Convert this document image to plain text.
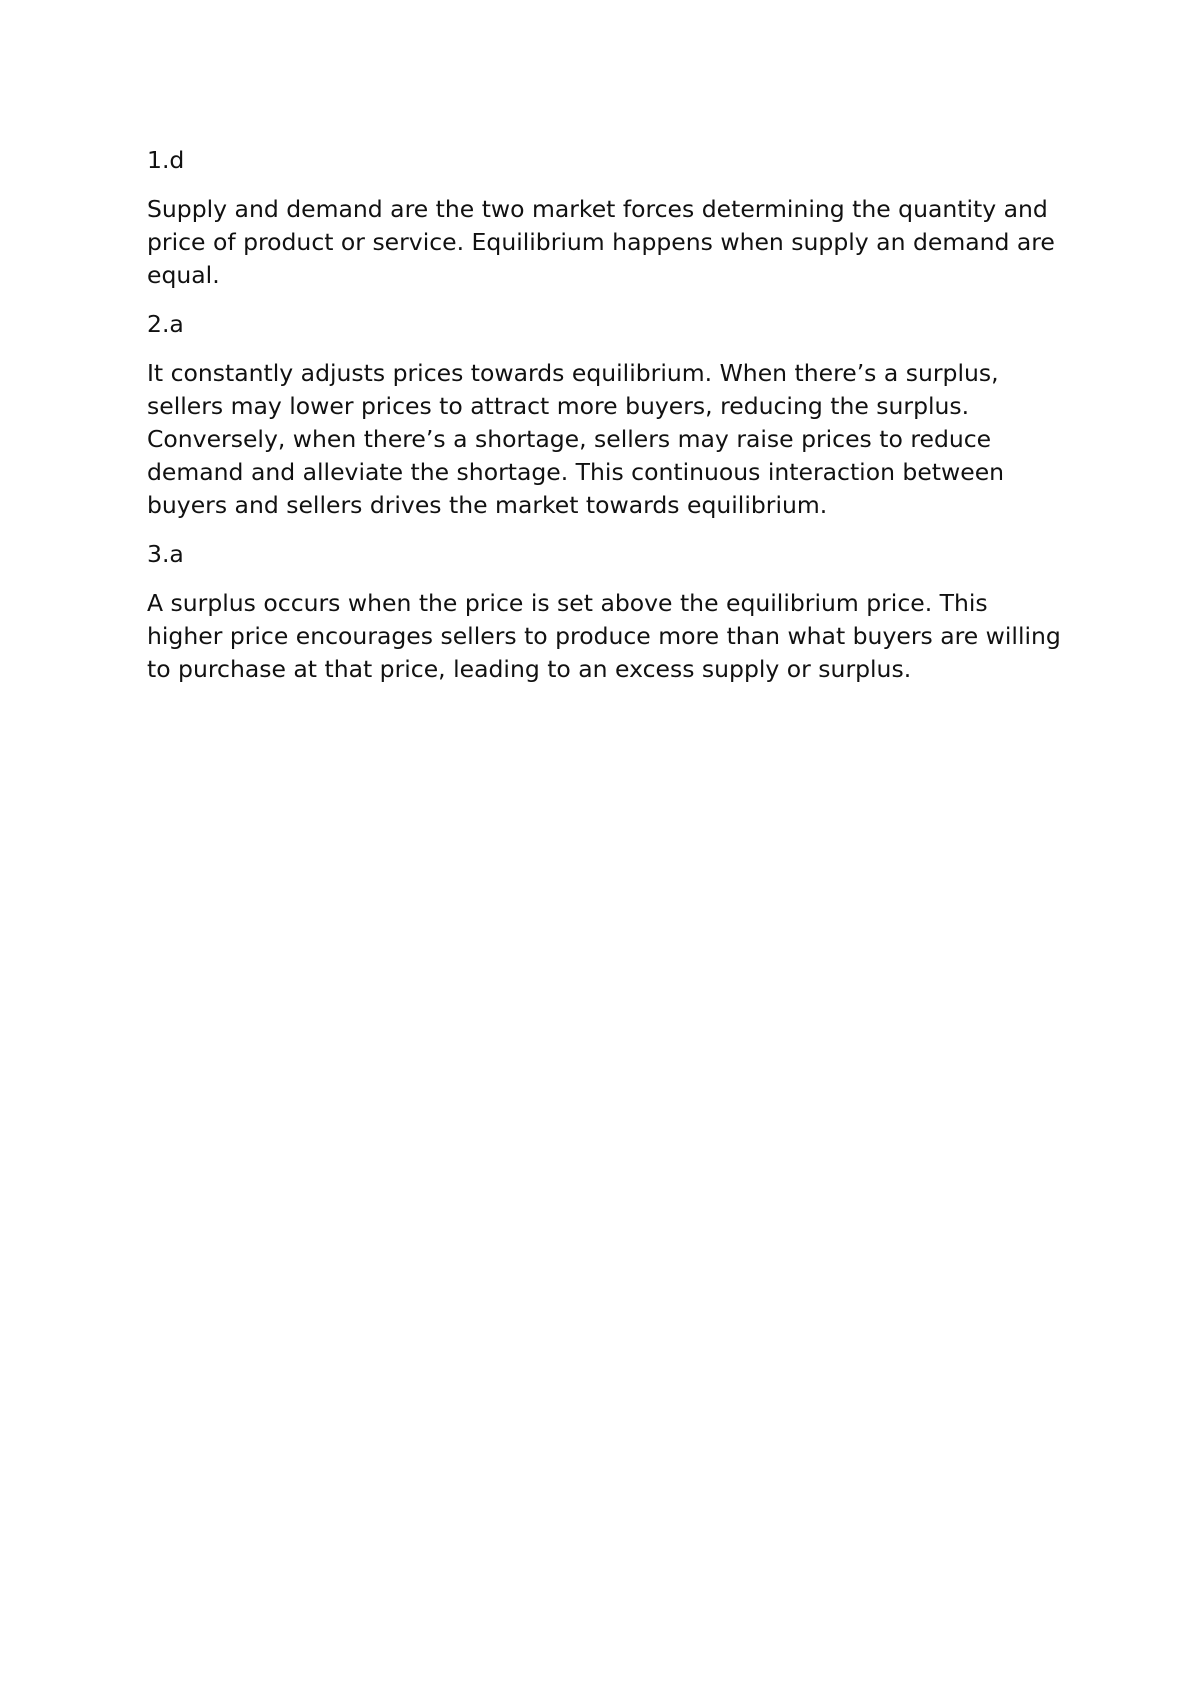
1.d

Supply and demand are the two market forces determining the quantity and price of product or service. Equilibrium happens when supply an demand are equal.

2.a

It constantly adjusts prices towards equilibrium. When there’s a surplus, sellers may lower prices to attract more buyers, reducing the surplus. Conversely, when there’s a shortage, sellers may raise prices to reduce demand and alleviate the shortage. This continuous interaction between buyers and sellers drives the market towards equilibrium.

3.a

A surplus occurs when the price is set above the equilibrium price. This higher price encourages sellers to produce more than what buyers are willing to purchase at that price, leading to an excess supply or surplus.
